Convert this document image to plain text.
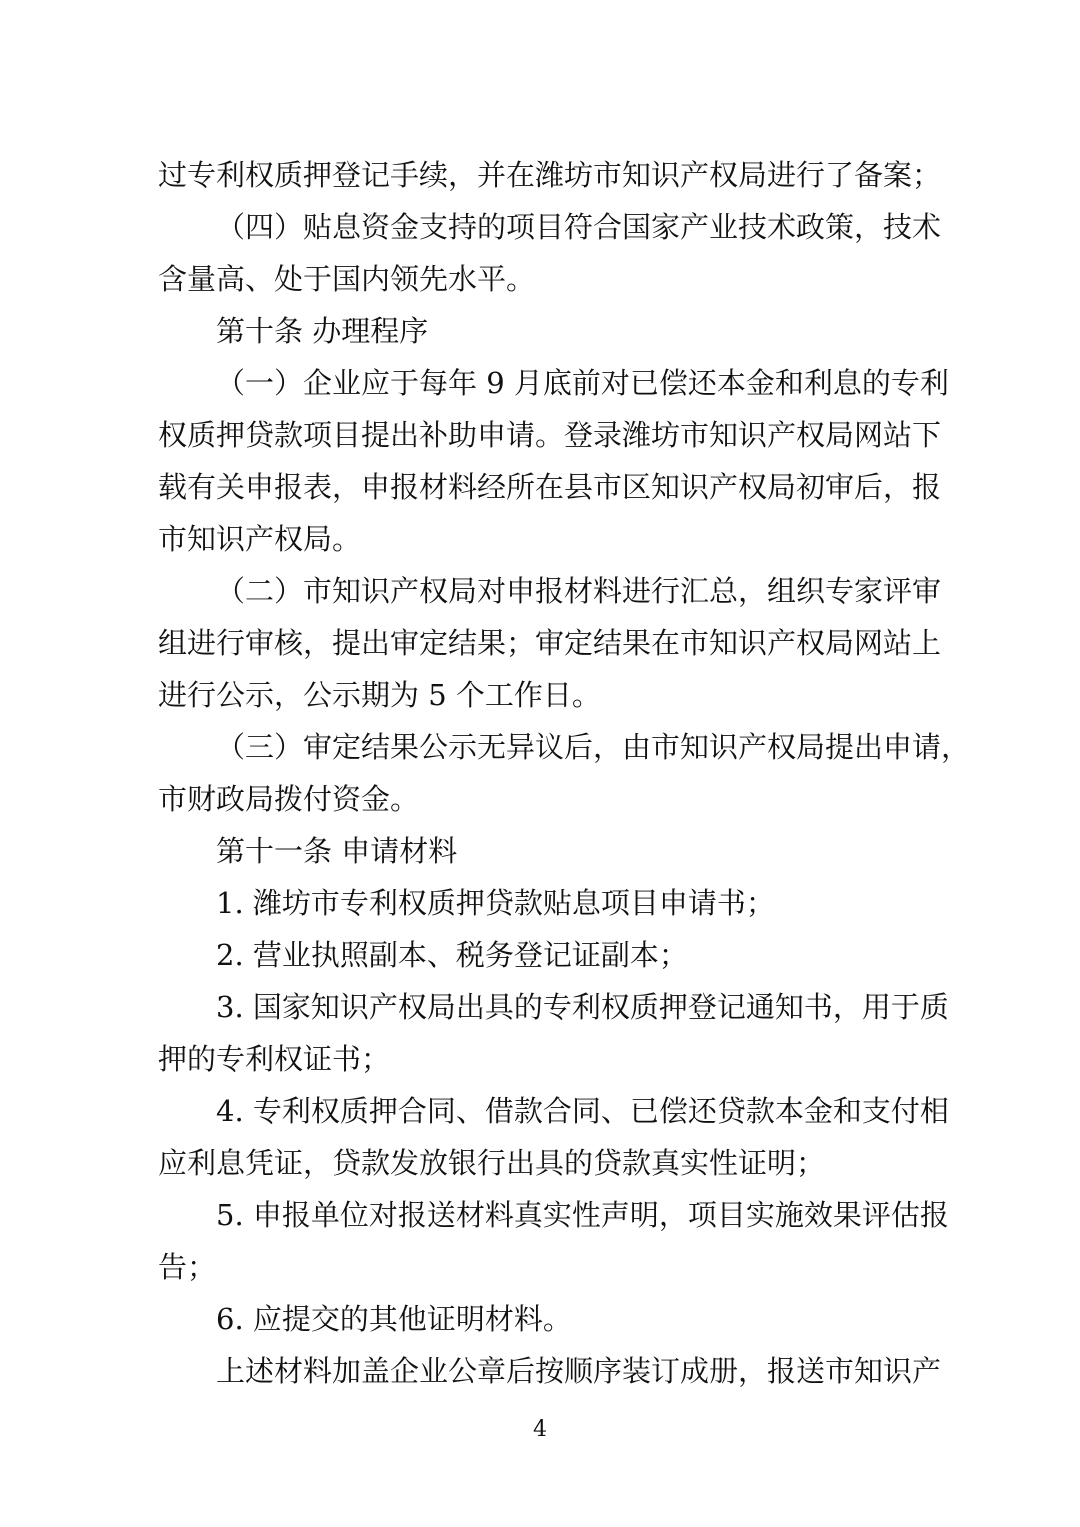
过专利权质押登记手续，并在潍坊市知识产权局进行了备案；
（四）贴息资金支持的项目符合国家产业技术政策，技术
含量高、处于国内领先水平。
第十条 办理程序
（一）企业应于每年 9 月底前对已偿还本金和利息的专利
权质押贷款项目提出补助申请。登录潍坊市知识产权局网站下
载有关申报表，申报材料经所在县市区知识产权局初审后，报
市知识产权局。
（二）市知识产权局对申报材料进行汇总，组织专家评审
组进行审核，提出审定结果；审定结果在市知识产权局网站上
进行公示，公示期为 5 个工作日。
（三）审定结果公示无异议后，由市知识产权局提出申请，
市财政局拨付资金。
第十一条 申请材料
1. 潍坊市专利权质押贷款贴息项目申请书；
2. 营业执照副本、税务登记证副本；
3. 国家知识产权局出具的专利权质押登记通知书，用于质
押的专利权证书；
4. 专利权质押合同、借款合同、已偿还贷款本金和支付相
应利息凭证，贷款发放银行出具的贷款真实性证明；
5. 申报单位对报送材料真实性声明，项目实施效果评估报
告；
6. 应提交的其他证明材料。
上述材料加盖企业公章后按顺序装订成册，报送市知识产
4
